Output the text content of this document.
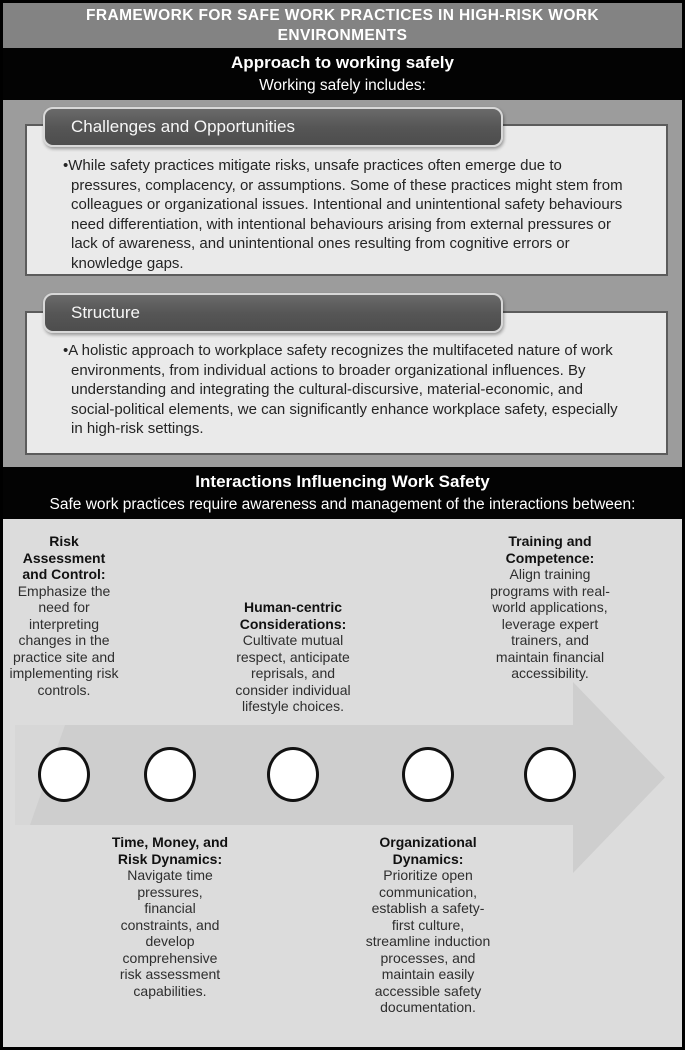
FRAMEWORK FOR SAFE WORK PRACTICES IN HIGH-RISK WORK ENVIRONMENTS
Approach to working safely
Working safely includes:
Challenges and Opportunities

•While safety practices mitigate risks, unsafe practices often emerge due to pressures, complacency, or assumptions. Some of these practices might stem from colleagues or organizational issues. Intentional and unintentional safety behaviours need differentiation, with intentional behaviours arising from external pressures or lack of awareness, and unintentional ones resulting from cognitive errors or knowledge gaps.

Structure

•A holistic approach to workplace safety recognizes the multifaceted nature of work environments, from individual actions to broader organizational influences. By understanding and integrating the cultural-discursive, material-economic, and social-political elements, we can significantly enhance workplace safety, especially in high-risk settings.

Interactions Influencing Work Safety
Safe work practices require awareness and management of the interactions between:
Risk Assessment and Control:
Emphasize the need for interpreting changes in the practice site and implementing risk controls.
Time, Money, and Risk Dynamics:
Navigate time pressures, financial constraints, and develop comprehensive risk assessment capabilities.
Human-centric Considerations:
Cultivate mutual respect, anticipate reprisals, and consider individual lifestyle choices.
Organizational Dynamics:
Prioritize open communication, establish a safety-first culture, streamline induction processes, and maintain easily accessible safety documentation.
Training and Competence:
Align training programs with real-world applications, leverage expert trainers, and maintain financial accessibility.
